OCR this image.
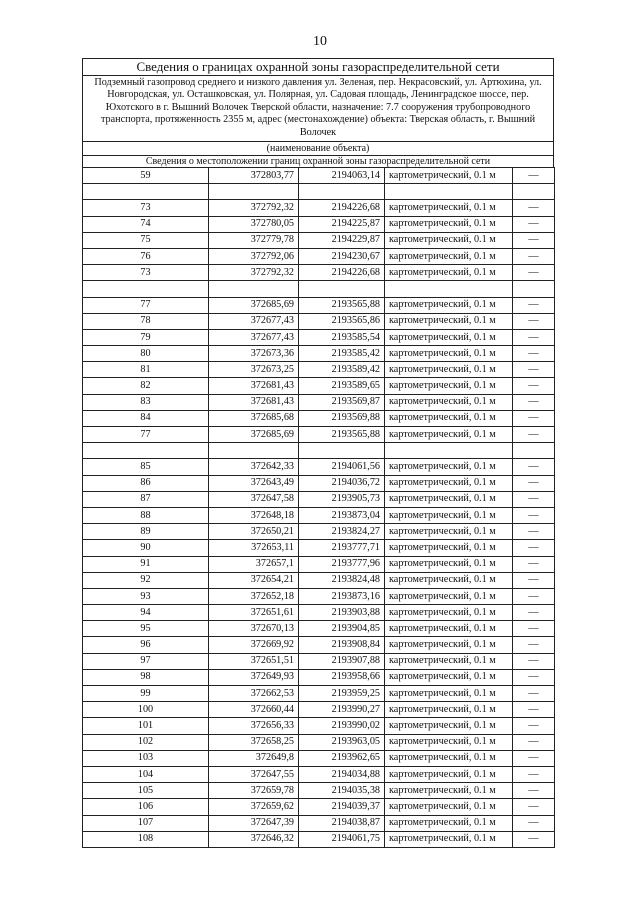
10
Сведения о границах охранной зоны газораспределительной сети
Подземный газопровод среднего и низкого давления ул. Зеленая, пер. Некрасовский, ул. Артюхина, ул. Новгородская, ул. Осташковская, ул. Полярная, ул. Садовая площадь, Ленинградское шоссе, пер. Юхотского в г. Вышний Волочек Тверской области, назначение: 7.7 сооружения трубопроводного транспорта, протяженность 2355 м, адрес (местонахождение) объекта: Тверская область, г. Вышний Волочек
(наименование объекта)
Сведения о местоположении границ охранной зоны газораспределительной сети
59	372803,77	2194063,14	картометрический, 0.1 м	—

73	372792,32	2194226,68	картометрический, 0.1 м	—
74	372780,05	2194225,87	картометрический, 0.1 м	—
75	372779,78	2194229,87	картометрический, 0.1 м	—
76	372792,06	2194230,67	картометрический, 0.1 м	—
73	372792,32	2194226,68	картометрический, 0.1 м	—

77	372685,69	2193565,88	картометрический, 0.1 м	—
78	372677,43	2193565,86	картометрический, 0.1 м	—
79	372677,43	2193585,54	картометрический, 0.1 м	—
80	372673,36	2193585,42	картометрический, 0.1 м	—
81	372673,25	2193589,42	картометрический, 0.1 м	—
82	372681,43	2193589,65	картометрический, 0.1 м	—
83	372681,43	2193569,87	картометрический, 0.1 м	—
84	372685,68	2193569,88	картометрический, 0.1 м	—
77	372685,69	2193565,88	картометрический, 0.1 м	—

85	372642,33	2194061,56	картометрический, 0.1 м	—
86	372643,49	2194036,72	картометрический, 0.1 м	—
87	372647,58	2193905,73	картометрический, 0.1 м	—
88	372648,18	2193873,04	картометрический, 0.1 м	—
89	372650,21	2193824,27	картометрический, 0.1 м	—
90	372653,11	2193777,71	картометрический, 0.1 м	—
91	372657,1	2193777,96	картометрический, 0.1 м	—
92	372654,21	2193824,48	картометрический, 0.1 м	—
93	372652,18	2193873,16	картометрический, 0.1 м	—
94	372651,61	2193903,88	картометрический, 0.1 м	—
95	372670,13	2193904,85	картометрический, 0.1 м	—
96	372669,92	2193908,84	картометрический, 0.1 м	—
97	372651,51	2193907,88	картометрический, 0.1 м	—
98	372649,93	2193958,66	картометрический, 0.1 м	—
99	372662,53	2193959,25	картометрический, 0.1 м	—
100	372660,44	2193990,27	картометрический, 0.1 м	—
101	372656,33	2193990,02	картометрический, 0.1 м	—
102	372658,25	2193963,05	картометрический, 0.1 м	—
103	372649,8	2193962,65	картометрический, 0.1 м	—
104	372647,55	2194034,88	картометрический, 0.1 м	—
105	372659,78	2194035,38	картометрический, 0.1 м	—
106	372659,62	2194039,37	картометрический, 0.1 м	—
107	372647,39	2194038,87	картометрический, 0.1 м	—
108	372646,32	2194061,75	картометрический, 0.1 м	—
